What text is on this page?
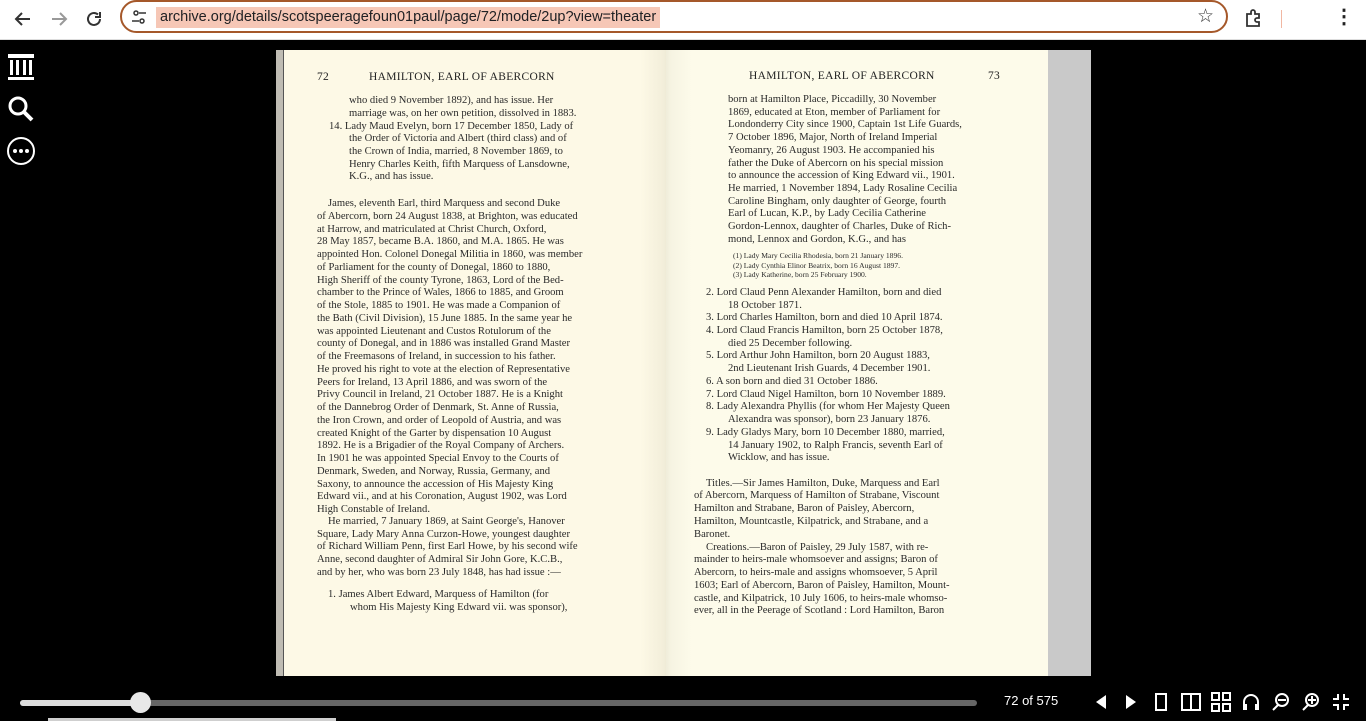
archive.org/details/scotspeeragefoun01paul/page/72/mode/2up?view=theater	☆	⋮
72	HAMILTON, EARL OF ABERCORN	HAMILTON, EARL OF ABERCORN	73
who died 9 November 1892), and has issue. Her
marriage was, on her own petition, dissolved in 1883.
14. Lady Maud Evelyn, born 17 December 1850, Lady of
the Order of Victoria and Albert (third class) and of
the Crown of India, married, 8 November 1869, to
Henry Charles Keith, fifth Marquess of Lansdowne,
K.G., and has issue.
James, eleventh Earl, third Marquess and second Duke
of Abercorn, born 24 August 1838, at Brighton, was educated
at Harrow, and matriculated at Christ Church, Oxford,
28 May 1857, became B.A. 1860, and M.A. 1865. He was
appointed Hon. Colonel Donegal Militia in 1860, was member
of Parliament for the county of Donegal, 1860 to 1880,
High Sheriff of the county Tyrone, 1863, Lord of the Bed-
chamber to the Prince of Wales, 1866 to 1885, and Groom
of the Stole, 1885 to 1901. He was made a Companion of
the Bath (Civil Division), 15 June 1885. In the same year he
was appointed Lieutenant and Custos Rotulorum of the
county of Donegal, and in 1886 was installed Grand Master
of the Freemasons of Ireland, in succession to his father.
He proved his right to vote at the election of Representative
Peers for Ireland, 13 April 1886, and was sworn of the
Privy Council in Ireland, 21 October 1887. He is a Knight
of the Dannebrog Order of Denmark, St. Anne of Russia,
the Iron Crown, and order of Leopold of Austria, and was
created Knight of the Garter by dispensation 10 August
1892. He is a Brigadier of the Royal Company of Archers.
In 1901 he was appointed Special Envoy to the Courts of
Denmark, Sweden, and Norway, Russia, Germany, and
Saxony, to announce the accession of His Majesty King
Edward vii., and at his Coronation, August 1902, was Lord
High Constable of Ireland.
He married, 7 January 1869, at Saint George's, Hanover
Square, Lady Mary Anna Curzon-Howe, youngest daughter
of Richard William Penn, first Earl Howe, by his second wife
Anne, second daughter of Admiral Sir John Gore, K.C.B.,
and by her, who was born 23 July 1848, has had issue :—
1. James Albert Edward, Marquess of Hamilton (for
whom His Majesty King Edward vii. was sponsor),
born at Hamilton Place, Piccadilly, 30 November
1869, educated at Eton, member of Parliament for
Londonderry City since 1900, Captain 1st Life Guards,
7 October 1896, Major, North of Ireland Imperial
Yeomanry, 26 August 1903. He accompanied his
father the Duke of Abercorn on his special mission
to announce the accession of King Edward vii., 1901.
He married, 1 November 1894, Lady Rosaline Cecilia
Caroline Bingham, only daughter of George, fourth
Earl of Lucan, K.P., by Lady Cecilia Catherine
Gordon-Lennox, daughter of Charles, Duke of Rich-
mond, Lennox and Gordon, K.G., and has
(1) Lady Mary Cecilia Rhodesia, born 21 January 1896.
(2) Lady Cynthia Elinor Beatrix, born 16 August 1897.
(3) Lady Katherine, born 25 February 1900.
2. Lord Claud Penn Alexander Hamilton, born and died
18 October 1871.
3. Lord Charles Hamilton, born and died 10 April 1874.
4. Lord Claud Francis Hamilton, born 25 October 1878,
died 25 December following.
5. Lord Arthur John Hamilton, born 20 August 1883,
2nd Lieutenant Irish Guards, 4 December 1901.
6. A son born and died 31 October 1886.
7. Lord Claud Nigel Hamilton, born 10 November 1889.
8. Lady Alexandra Phyllis (for whom Her Majesty Queen
Alexandra was sponsor), born 23 January 1876.
9. Lady Gladys Mary, born 10 December 1880, married,
14 January 1902, to Ralph Francis, seventh Earl of
Wicklow, and has issue.
Titles.—Sir James Hamilton, Duke, Marquess and Earl
of Abercorn, Marquess of Hamilton of Strabane, Viscount
Hamilton and Strabane, Baron of Paisley, Abercorn,
Hamilton, Mountcastle, Kilpatrick, and Strabane, and a
Baronet.
Creations.—Baron of Paisley, 29 July 1587, with re-
mainder to heirs-male whomsoever and assigns; Baron of
Abercorn, to heirs-male and assigns whomsoever, 5 April
1603; Earl of Abercorn, Baron of Paisley, Hamilton, Mount-
castle, and Kilpatrick, 10 July 1606, to heirs-male whomso-
ever, all in the Peerage of Scotland : Lord Hamilton, Baron
72 of 575
